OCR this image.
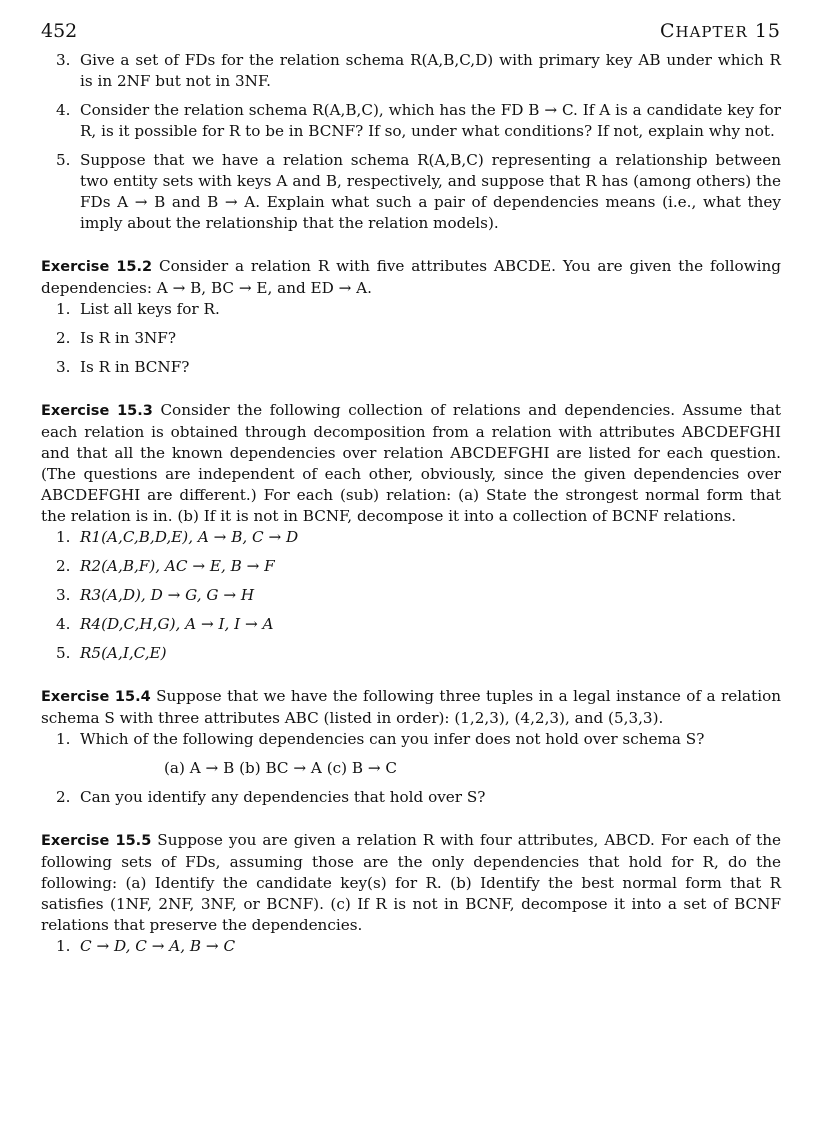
452	CHAPTER 15
3. Give a set of FDs for the relation schema R(A,B,C,D) with primary key AB under which R is in 2NF but not in 3NF.
4. Consider the relation schema R(A,B,C), which has the FD B → C. If A is a candidate key for R, is it possible for R to be in BCNF? If so, under what conditions? If not, explain why not.
5. Suppose that we have a relation schema R(A,B,C) representing a relationship between two entity sets with keys A and B, respectively, and suppose that R has (among others) the FDs A → B and B → A. Explain what such a pair of dependencies means (i.e., what they imply about the relationship that the relation models).
Exercise 15.2 Consider a relation R with five attributes ABCDE. You are given the following dependencies: A → B, BC → E, and ED → A.
1. List all keys for R.
2. Is R in 3NF?
3. Is R in BCNF?
Exercise 15.3 Consider the following collection of relations and dependencies. Assume that each relation is obtained through decomposition from a relation with attributes ABCDEFGHI and that all the known dependencies over relation ABCDEFGHI are listed for each question. (The questions are independent of each other, obviously, since the given dependencies over ABCDEFGHI are different.) For each (sub) relation: (a) State the strongest normal form that the relation is in. (b) If it is not in BCNF, decompose it into a collection of BCNF relations.
1. R1(A,C,B,D,E), A → B, C → D
2. R2(A,B,F), AC → E, B → F
3. R3(A,D), D → G, G → H
4. R4(D,C,H,G), A → I, I → A
5. R5(A,I,C,E)
Exercise 15.4 Suppose that we have the following three tuples in a legal instance of a relation schema S with three attributes ABC (listed in order): (1,2,3), (4,2,3), and (5,3,3).
1. Which of the following dependencies can you infer does not hold over schema S?
(a) A → B (b) BC → A (c) B → C
2. Can you identify any dependencies that hold over S?
Exercise 15.5 Suppose you are given a relation R with four attributes, ABCD. For each of the following sets of FDs, assuming those are the only dependencies that hold for R, do the following: (a) Identify the candidate key(s) for R. (b) Identify the best normal form that R satisfies (1NF, 2NF, 3NF, or BCNF). (c) If R is not in BCNF, decompose it into a set of BCNF relations that preserve the dependencies.
1. C → D, C → A, B → C
